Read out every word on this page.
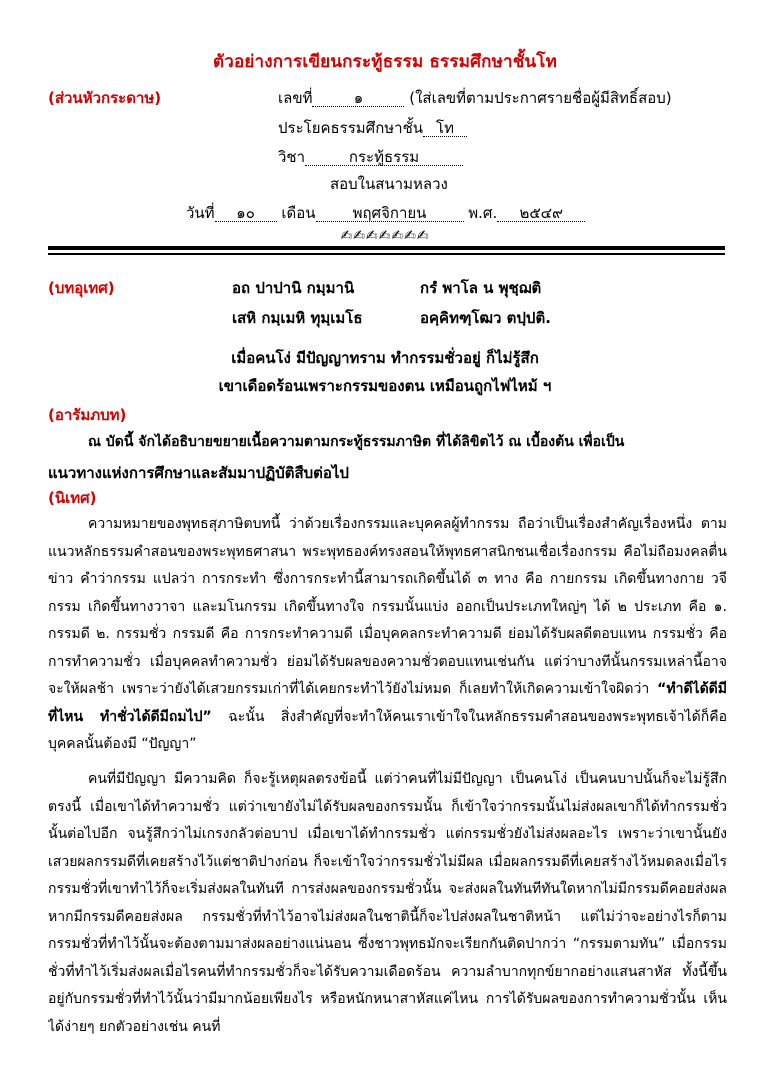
ตัวอย่างการเขียนกระทู้ธรรม ธรรมศึกษาชั้นโท
(ส่วนหัวกระดาษ)	เลขที่	๑	(ใส่เลขที่ตามประกาศรายชื่อผู้มีสิทธิ์สอบ)
ประโยคธรรมศึกษาชั้น โท
วิชา	กระทู้ธรรม
สอบในสนามหลวง
วันที่ ๑๐ เดือน พฤศจิกายน	พ.ศ. ๒๕๔๙
✍✍✍✍✍✍✍
(บทอุเทศ)	อถ ปาปานิ กมฺมานิ	กรํ พาโล น พุชฺฌติ
เสหิ กมฺเมหิ ทุมฺเมโธ	อคฺคิทฑฺโฒว ตปฺปติ.
เมื่อคนโง่ มีปัญญาทราม ทำกรรมชั่วอยู่ ก็ไม่รู้สึก
เขาเดือดร้อนเพราะกรรมของตน เหมือนถูกไฟไหม้ ฯ
(อารัมภบท)
ณ บัดนี้ จักได้อธิบายขยายเนื้อความตามกระทู้ธรรมภาษิต ที่ได้ลิขิตไว้ ณ เบื้องต้น เพื่อเป็น
แนวทางแห่งการศึกษาและสัมมาปฏิบัติสืบต่อไป
(นิเทศ)
ความหมายของพุทธสุภาษิตบทนี้ ว่าด้วยเรื่องกรรมและบุคคลผู้ทำกรรม ถือว่าเป็นเรื่องสำคัญเรื่องหนึ่ง ตามแนวหลักธรรมคำสอนของพระพุทธศาสนา พระพุทธองค์ทรงสอนให้พุทธศาสนิกชนเชื่อเรื่องกรรม คือไม่ถือมงคลตื่นข่าว คำว่ากรรม แปลว่า การกระทำ ซึ่งการกระทำนี้สามารถเกิดขึ้นได้ ๓ ทาง คือ กายกรรม เกิดขึ้นทางกาย วจีกรรม เกิดขึ้นทางวาจา และมโนกรรม เกิดขึ้นทางใจ กรรมนั้นแบ่ง ออกเป็นประเภทใหญ่ๆ ได้ ๒ ประเภท คือ ๑. กรรมดี ๒. กรรมชั่ว กรรมดี คือ การกระทำความดี เมื่อบุคคลกระทำความดี ย่อมได้รับผลดีตอบแทน กรรมชั่ว คือ การทำความชั่ว เมื่อบุคคลทำความชั่ว ย่อมได้รับผลของความชั่วตอบแทนเช่นกัน แต่ว่าบางทีนั้นกรรมเหล่านี้อาจจะให้ผลช้า เพราะว่ายังได้เสวยกรรมเก่าที่ได้เคยกระทำไว้ยังไม่หมด ก็เลยทำให้เกิดความเข้าใจผิดว่า “ทำดีได้ดีมีที่ไหน ทำชั่วได้ดีมีถมไป” ฉะนั้น สิ่งสำคัญที่จะทำให้คนเราเข้าใจในหลักธรรมคำสอนของพระพุทธเจ้าได้ก็คือ บุคคลนั้นต้องมี “ปัญญา”
คนที่มีปัญญา มีความคิด ก็จะรู้เหตุผลตรงข้อนี้ แต่ว่าคนที่ไม่มีปัญญา เป็นคนโง่ เป็นคนบาปนั้นก็จะไม่รู้สึกตรงนี้ เมื่อเขาได้ทำความชั่ว แต่ว่าเขายังไม่ได้รับผลของกรรมนั้น ก็เข้าใจว่ากรรมนั้นไม่ส่งผลเขาก็ได้ทำกรรมชั่วนั้นต่อไปอีก จนรู้สึกว่าไม่เกรงกลัวต่อบาป เมื่อเขาได้ทำกรรมชั่ว แต่กรรมชั่วยังไม่ส่งผลอะไร เพราะว่าเขานั้นยังเสวยผลกรรมดีที่เคยสร้างไว้แต่ชาติปางก่อน ก็จะเข้าใจว่ากรรมชั่วไม่มีผล เมื่อผลกรรมดีที่เคยสร้างไว้หมดลงเมื่อไร กรรมชั่วที่เขาทำไว้ก็จะเริ่มส่งผลในทันที การส่งผลของกรรมชั่วนั้น จะส่งผลในทันทีทันใดหากไม่มีกรรมดีคอยส่งผล หากมีกรรมดีคอยส่งผล กรรมชั่วที่ทำไว้อาจไม่ส่งผลในชาตินี้ก็จะไปส่งผลในชาติหน้า แต่ไม่ว่าจะอย่างไรก็ตาม กรรมชั่วที่ทำไว้นั้นจะต้องตามมาส่งผลอย่างแน่นอน ซึ่งชาวพุทธมักจะเรียกกันติดปากว่า “กรรมตามทัน” เมื่อกรรมชั่วที่ทำไว้เริ่มส่งผลเมื่อไรคนที่ทำกรรมชั่วก็จะได้รับความเดือดร้อน ความลำบากทุกข์ยากอย่างแสนสาหัส ทั้งนี้ขึ้นอยู่กับกรรมชั่วที่ทำไว้นั้นว่ามีมากน้อยเพียงไร หรือหนักหนาสาหัสแค่ไหน การได้รับผลของการทำความชั่วนั้น เห็นได้ง่ายๆ ยกตัวอย่างเช่น คนที่
